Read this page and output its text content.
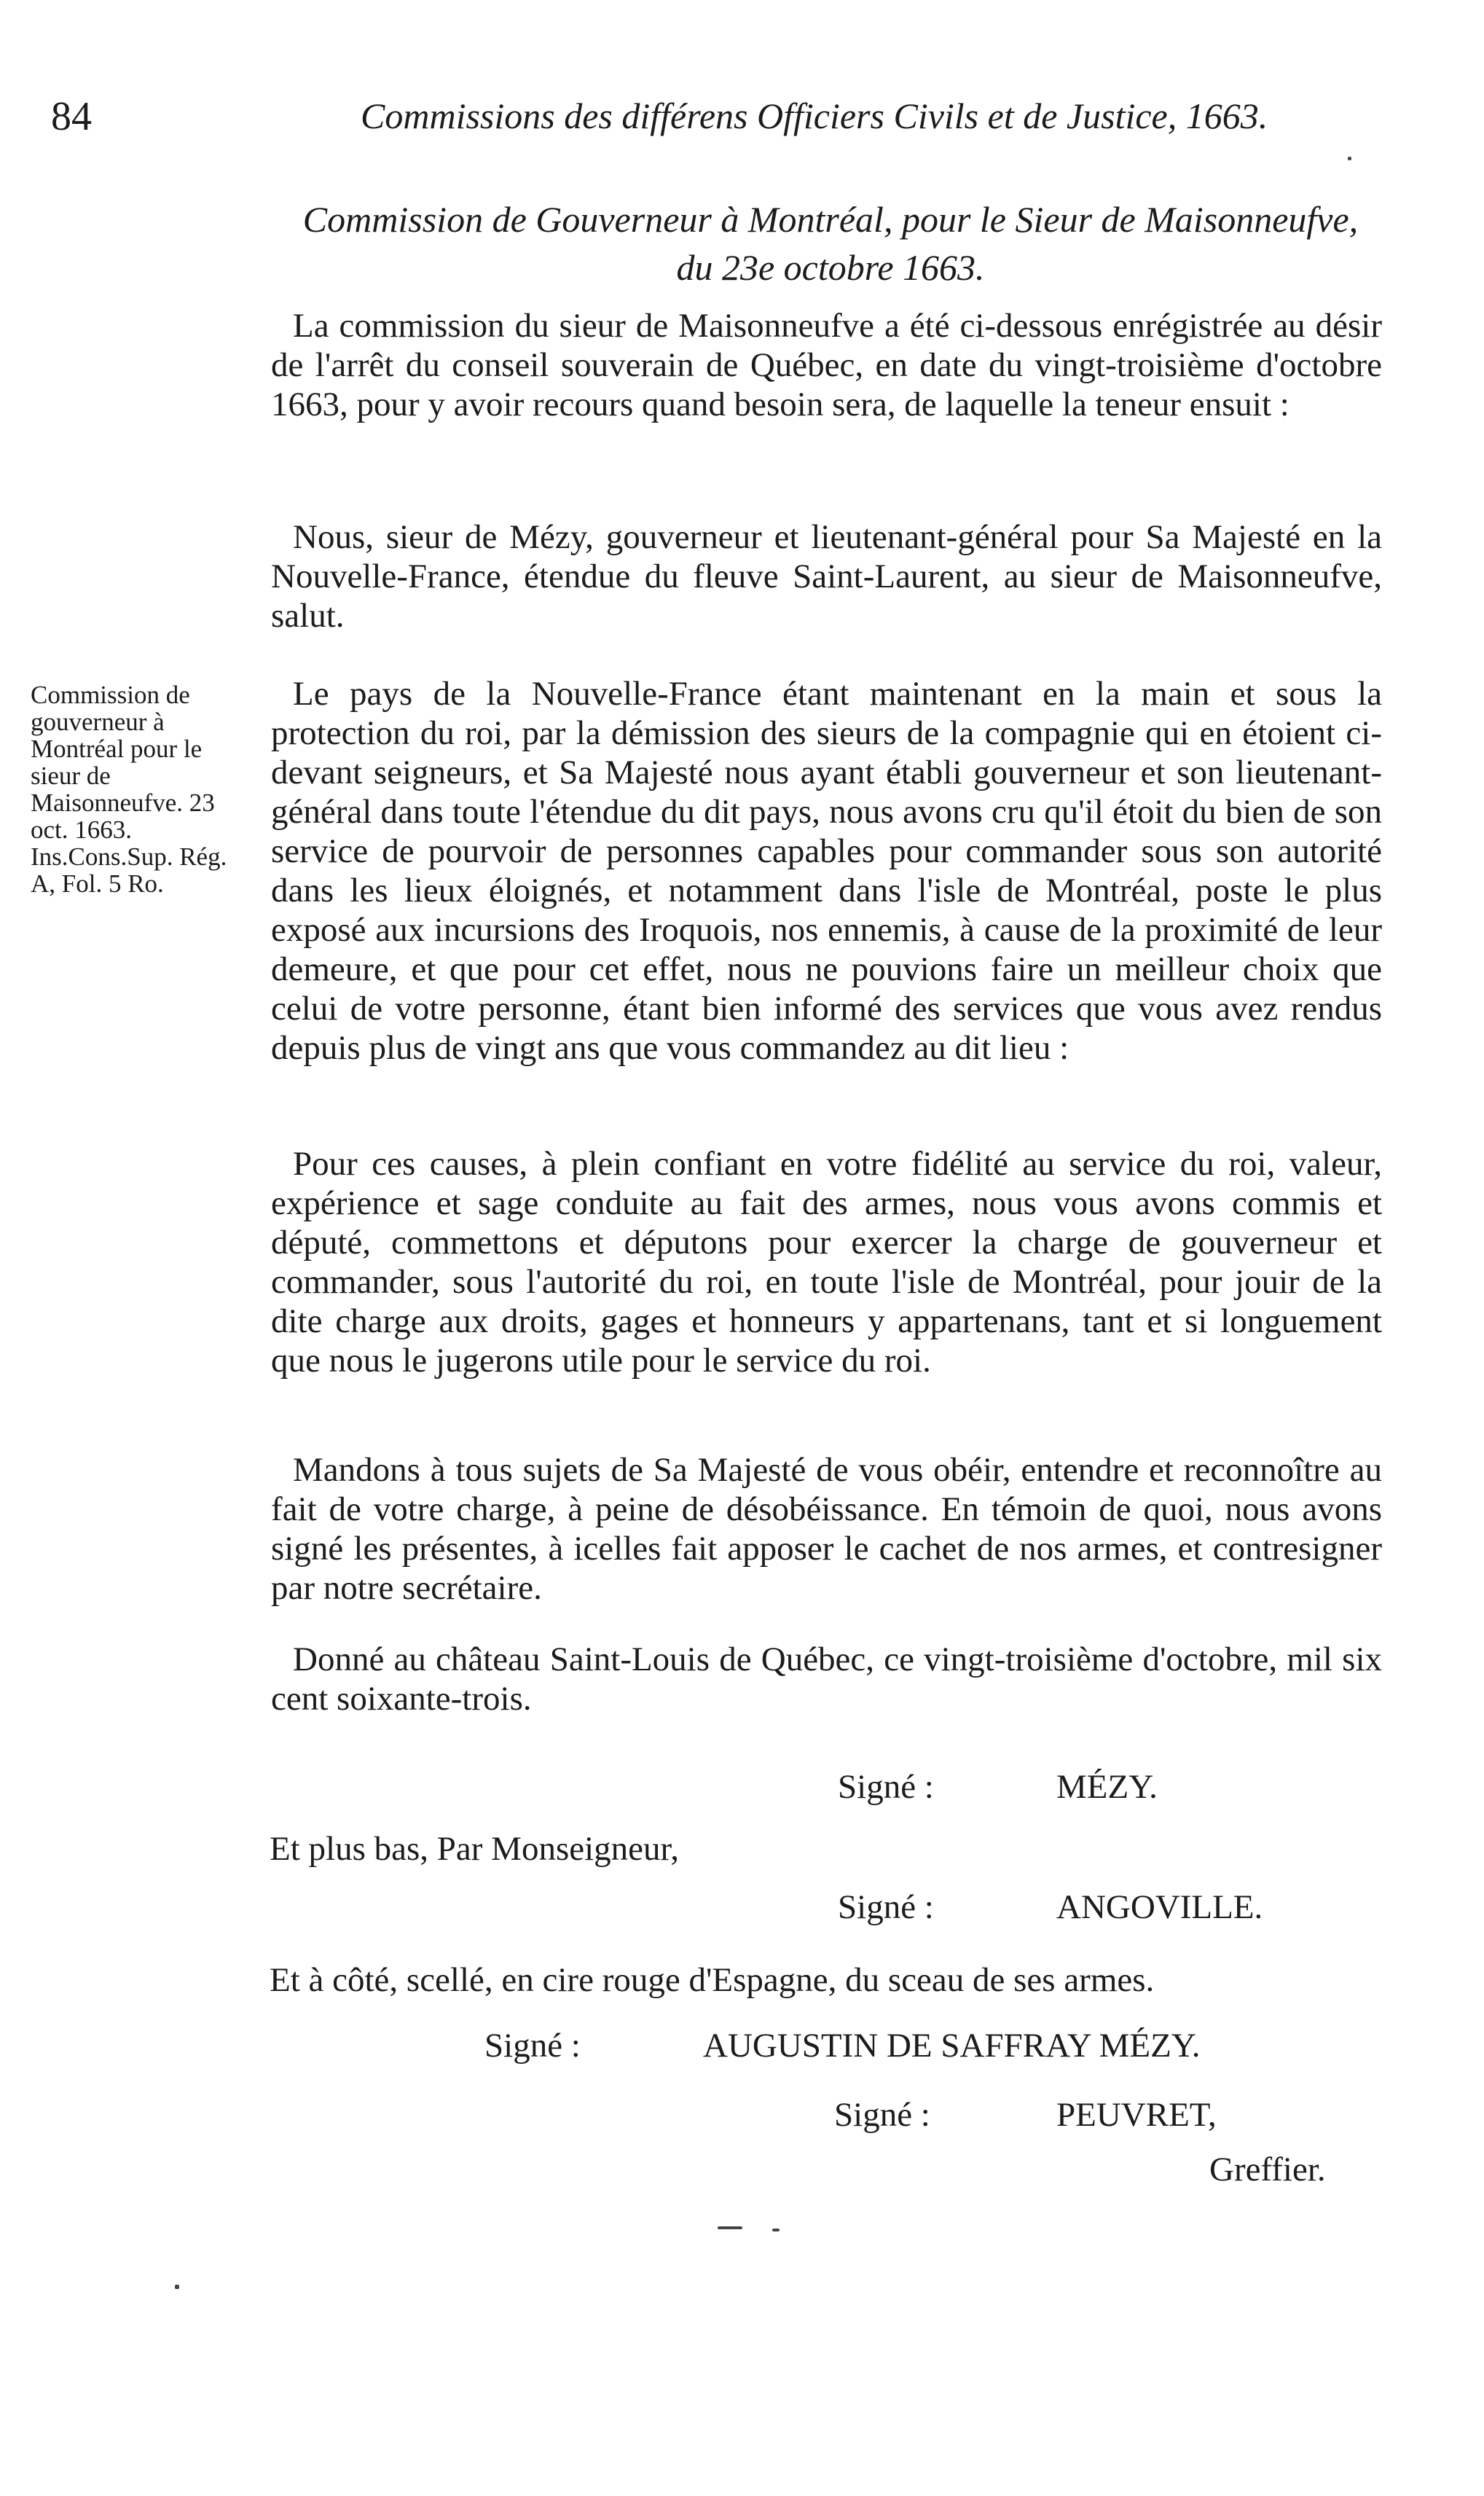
84	Commissions des différens Officiers Civils et de Justice, 1663.
Commission de Gouverneur à Montréal, pour le Sieur de Maisonneufve, du 23e octobre 1663.

La commission du sieur de Maisonneufve a été ci-dessous enrégistrée au désir de l'arrêt du conseil souverain de Québec, en date du vingt-troisième d'octobre 1663, pour y avoir recours quand besoin sera, de laquelle la teneur ensuit :

Nous, sieur de Mézy, gouverneur et lieutenant-général pour Sa Majesté en la Nouvelle-France, étendue du fleuve Saint-Laurent, au sieur de Maisonneufve, salut.

Le pays de la Nouvelle-France étant maintenant en la main et sous la protection du roi, par la démission des sieurs de la compagnie qui en étoient ci-devant seigneurs, et Sa Majesté nous ayant établi gouverneur et son lieutenant-général dans toute l'étendue du dit pays, nous avons cru qu'il étoit du bien de son service de pourvoir de personnes capables pour commander sous son autorité dans les lieux éloignés, et notamment dans l'isle de Montréal, poste le plus exposé aux incursions des Iroquois, nos ennemis, à cause de la proximité de leur demeure, et que pour cet effet, nous ne pouvions faire un meilleur choix que celui de votre personne, étant bien informé des services que vous avez rendus depuis plus de vingt ans que vous commandez au dit lieu :

Pour ces causes, à plein confiant en votre fidélité au service du roi, valeur, expérience et sage conduite au fait des armes, nous vous avons commis et député, commettons et députons pour exercer la charge de gouverneur et commander, sous l'autorité du roi, en toute l'isle de Montréal, pour jouir de la dite charge aux droits, gages et honneurs y appartenans, tant et si longuement que nous le jugerons utile pour le service du roi.

Mandons à tous sujets de Sa Majesté de vous obéir, entendre et reconnoître au fait de votre charge, à peine de désobéissance. En témoin de quoi, nous avons signé les présentes, à icelles fait apposer le cachet de nos armes, et contresigner par notre secrétaire.

Donné au château Saint-Louis de Québec, ce vingt-troisième d'octobre, mil six cent soixante-trois.

Commission de gouverneur à Montréal pour le sieur de Maisonneufve. 23 oct. 1663. Ins.Cons.Sup. Rég. A, Fol. 5 Ro.
Signé :	MÉZY.
Et plus bas, Par Monseigneur,
Signé :	ANGOVILLE.
Et à côté, scellé, en cire rouge d'Espagne, du sceau de ses armes.
Signé :	AUGUSTIN DE SAFFRAY MÉZY.
Signé :	PEUVRET,
Greffier.
